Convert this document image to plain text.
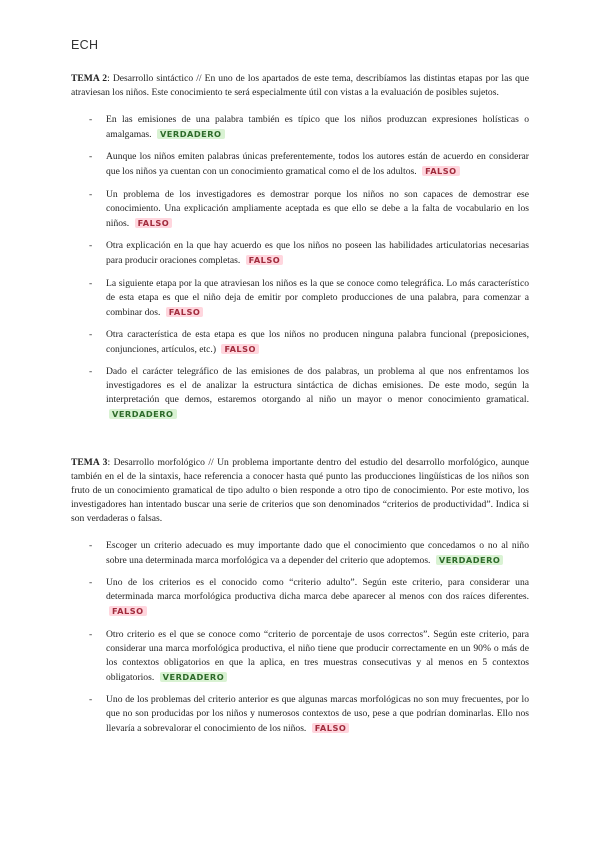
ECH

TEMA 2: Desarrollo sintáctico // En uno de los apartados de este tema, describíamos las distintas etapas por las que atraviesan los niños. Este conocimiento te será especialmente útil con vistas a la evaluación de posibles sujetos.

- En las emisiones de una palabra también es típico que los niños produzcan expresiones holísticas o amalgamas. VERDADERO
- Aunque los niños emiten palabras únicas preferentemente, todos los autores están de acuerdo en considerar que los niños ya cuentan con un conocimiento gramatical como el de los adultos. FALSO
- Un problema de los investigadores es demostrar porque los niños no son capaces de demostrar ese conocimiento. Una explicación ampliamente aceptada es que ello se debe a la falta de vocabulario en los niños. FALSO
- Otra explicación en la que hay acuerdo es que los niños no poseen las habilidades articulatorias necesarias para producir oraciones completas. FALSO
- La siguiente etapa por la que atraviesan los niños es la que se conoce como telegráfica. Lo más característico de esta etapa es que el niño deja de emitir por completo producciones de una palabra, para comenzar a combinar dos. FALSO
- Otra característica de esta etapa es que los niños no producen ninguna palabra funcional (preposiciones, conjunciones, artículos, etc.) FALSO
- Dado el carácter telegráfico de las emisiones de dos palabras, un problema al que nos enfrentamos los investigadores es el de analizar la estructura sintáctica de dichas emisiones. De este modo, según la interpretación que demos, estaremos otorgando al niño un mayor o menor conocimiento gramatical. VERDADERO

TEMA 3: Desarrollo morfológico // Un problema importante dentro del estudio del desarrollo morfológico, aunque también en el de la sintaxis, hace referencia a conocer hasta qué punto las producciones lingüísticas de los niños son fruto de un conocimiento gramatical de tipo adulto o bien responde a otro tipo de conocimiento. Por este motivo, los investigadores han intentado buscar una serie de criterios que son denominados “criterios de productividad”. Indica si son verdaderas o falsas.

- Escoger un criterio adecuado es muy importante dado que el conocimiento que concedamos o no al niño sobre una determinada marca morfológica va a depender del criterio que adoptemos. VERDADERO
- Uno de los criterios es el conocido como “criterio adulto”. Según este criterio, para considerar una determinada marca morfológica productiva dicha marca debe aparecer al menos con dos raíces diferentes. FALSO
- Otro criterio es el que se conoce como “criterio de porcentaje de usos correctos”. Según este criterio, para considerar una marca morfológica productiva, el niño tiene que producir correctamente en un 90% o más de los contextos obligatorios en que la aplica, en tres muestras consecutivas y al menos en 5 contextos obligatorios. VERDADERO
- Uno de los problemas del criterio anterior es que algunas marcas morfológicas no son muy frecuentes, por lo que no son producidas por los niños y numerosos contextos de uso, pese a que podrían dominarlas. Ello nos llevaría a sobrevalorar el conocimiento de los niños. FALSO
